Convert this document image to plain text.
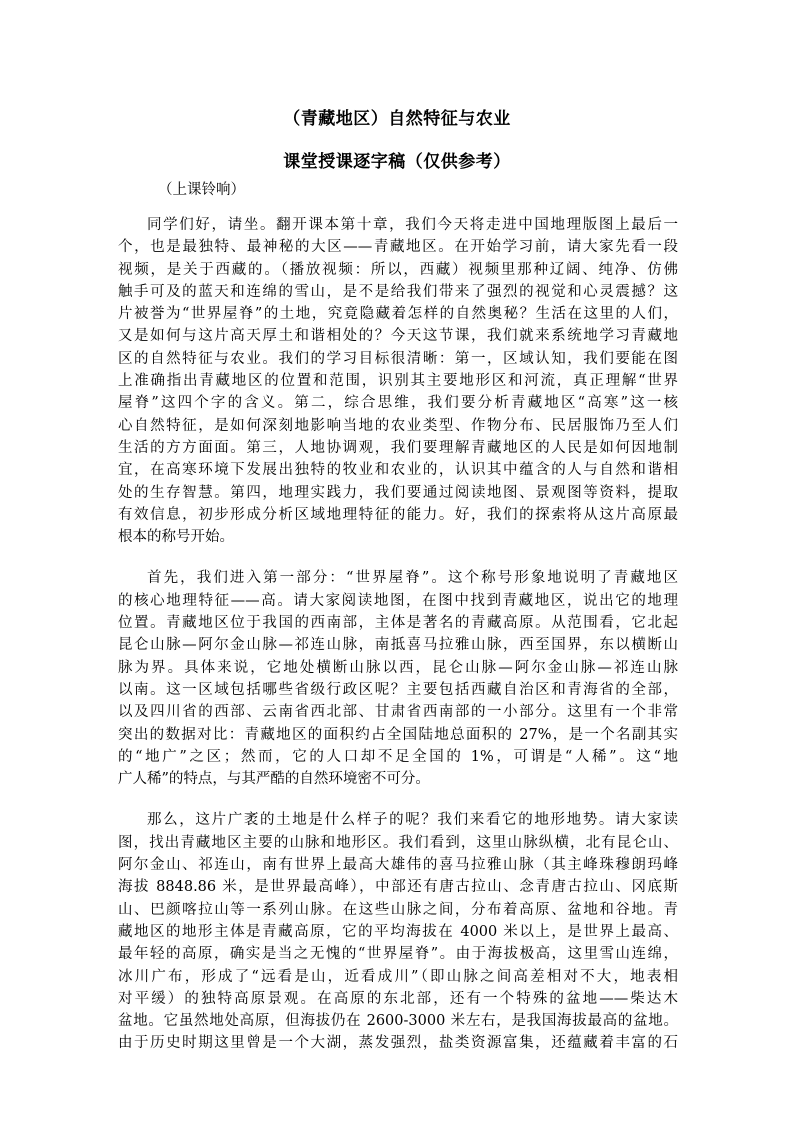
（青藏地区）自然特征与农业
课堂授课逐字稿（仅供参考）
（上课铃响）
同学们好，请坐。翻开课本第十章，我们今天将走进中国地理版图上最后一
个，也是最独特、最神秘的大区——青藏地区。在开始学习前，请大家先看一段
视频，是关于西藏的。（播放视频：所以，西藏）视频里那种辽阔、纯净、仿佛
触手可及的蓝天和连绵的雪山，是不是给我们带来了强烈的视觉和心灵震撼？这
片被誉为“世界屋脊”的土地，究竟隐藏着怎样的自然奥秘？生活在这里的人们，
又是如何与这片高天厚土和谐相处的？今天这节课，我们就来系统地学习青藏地
区的自然特征与农业。我们的学习目标很清晰：第一，区域认知，我们要能在图
上准确指出青藏地区的位置和范围，识别其主要地形区和河流，真正理解“世界
屋脊”这四个字的含义。第二，综合思维，我们要分析青藏地区“高寒”这一核
心自然特征，是如何深刻地影响当地的农业类型、作物分布、民居服饰乃至人们
生活的方方面面。第三，人地协调观，我们要理解青藏地区的人民是如何因地制
宜，在高寒环境下发展出独特的牧业和农业的，认识其中蕴含的人与自然和谐相
处的生存智慧。第四，地理实践力，我们要通过阅读地图、景观图等资料，提取
有效信息，初步形成分析区域地理特征的能力。好，我们的探索将从这片高原最
根本的称号开始。
首先，我们进入第一部分：“世界屋脊”。这个称号形象地说明了青藏地区
的核心地理特征——高。请大家阅读地图，在图中找到青藏地区，说出它的地理
位置。青藏地区位于我国的西南部，主体是著名的青藏高原。从范围看，它北起
昆仑山脉—阿尔金山脉—祁连山脉，南抵喜马拉雅山脉，西至国界，东以横断山
脉为界。具体来说，它地处横断山脉以西，昆仑山脉—阿尔金山脉—祁连山脉
以南。这一区域包括哪些省级行政区呢？主要包括西藏自治区和青海省的全部，
以及四川省的西部、云南省西北部、甘肃省西南部的一小部分。这里有一个非常
突出的数据对比：青藏地区的面积约占全国陆地总面积的 27%，是一个名副其实
的“地广”之区；然而，它的人口却不足全国的 1%，可谓是“人稀”。这“地
广人稀”的特点，与其严酷的自然环境密不可分。
那么，这片广袤的土地是什么样子的呢？我们来看它的地形地势。请大家读
图，找出青藏地区主要的山脉和地形区。我们看到，这里山脉纵横，北有昆仑山、
阿尔金山、祁连山，南有世界上最高大雄伟的喜马拉雅山脉（其主峰珠穆朗玛峰
海拔 8848.86 米，是世界最高峰），中部还有唐古拉山、念青唐古拉山、冈底斯
山、巴颜喀拉山等一系列山脉。在这些山脉之间，分布着高原、盆地和谷地。青
藏地区的地形主体是青藏高原，它的平均海拔在 4000 米以上，是世界上最高、
最年轻的高原，确实是当之无愧的“世界屋脊”。由于海拔极高，这里雪山连绵，
冰川广布，形成了“远看是山，近看成川”（即山脉之间高差相对不大，地表相
对平缓）的独特高原景观。在高原的东北部，还有一个特殊的盆地——柴达木
盆地。它虽然地处高原，但海拔仍在 2600-3000 米左右，是我国海拔最高的盆地。
由于历史时期这里曾是一个大湖，蒸发强烈，盐类资源富集，还蕴藏着丰富的石
